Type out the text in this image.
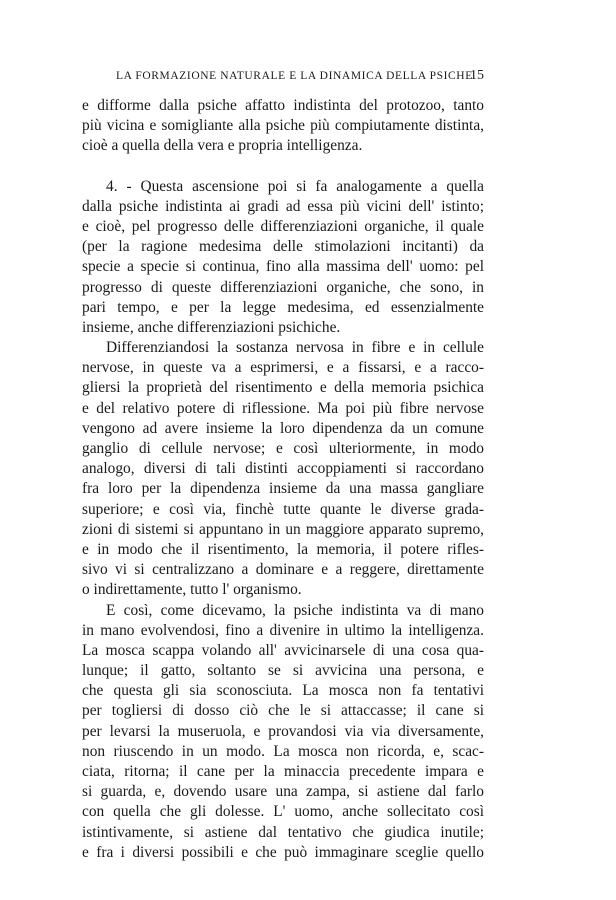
LA FORMAZIONE NATURALE E LA DINAMICA DELLA PSICHE
15
e difforme dalla psiche affatto indistinta del protozoo, tanto
più vicina e somigliante alla psiche più compiutamente distinta,
cioè a quella della vera e propria intelligenza.
4. - Questa ascensione poi si fa analogamente a quella
dalla psiche indistinta ai gradi ad essa più vicini dell' istinto;
e cioè, pel progresso delle differenziazioni organiche, il quale
(per la ragione medesima delle stimolazioni incitanti) da
specie a specie si continua, fino alla massima dell' uomo: pel
progresso di queste differenziazioni organiche, che sono, in
pari tempo, e per la legge medesima, ed essenzialmente
insieme, anche differenziazioni psichiche.
Differenziandosi la sostanza nervosa in fibre e in cellule
nervose, in queste va a esprimersi, e a fissarsi, e a racco-
gliersi la proprietà del risentimento e della memoria psichica
e del relativo potere di riflessione. Ma poi più fibre nervose
vengono ad avere insieme la loro dipendenza da un comune
ganglio di cellule nervose; e così ulteriormente, in modo
analogo, diversi di tali distinti accoppiamenti si raccordano
fra loro per la dipendenza insieme da una massa gangliare
superiore; e così via, finchè tutte quante le diverse grada-
zioni di sistemi si appuntano in un maggiore apparato supremo,
e in modo che il risentimento, la memoria, il potere rifles-
sivo vi si centralizzano a dominare e a reggere, direttamente
o indirettamente, tutto l' organismo.
E così, come dicevamo, la psiche indistinta va di mano
in mano evolvendosi, fino a divenire in ultimo la intelligenza.
La mosca scappa volando all' avvicinarsele di una cosa qua-
lunque; il gatto, soltanto se si avvicina una persona, e
che questa gli sia sconosciuta. La mosca non fa tentativi
per togliersi di dosso ciò che le si attaccasse; il cane si
per levarsi la museruola, e provandosi via via diversamente,
non riuscendo in un modo. La mosca non ricorda, e, scac-
ciata, ritorna; il cane per la minaccia precedente impara e
si guarda, e, dovendo usare una zampa, si astiene dal farlo
con quella che gli dolesse. L' uomo, anche sollecitato così
istintivamente, si astiene dal tentativo che giudica inutile;
e fra i diversi possibili e che può immaginare sceglie quello
